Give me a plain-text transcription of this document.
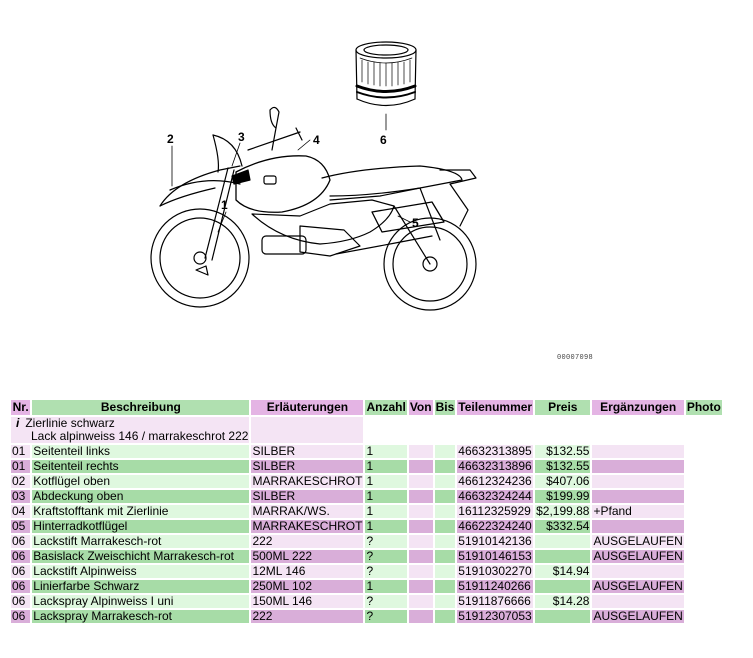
1
2	3	4
5
6
00007098
Nr.	Beschreibung	Erläuterungen	Anzahl	Von	Bis	Teilenummer	Preis	Ergänzungen	Photo

i Zierlinie schwarz
Lack alpinweiss 146 / marrakeschrot 222									

01	Seitenteil links	SILBER	1			46632313895	$132.55		
01	Seitenteil rechts	SILBER	1			46632313896	$132.55		
02	Kotflügel oben	MARRAKESCHROT	1			46612324236	$407.06		
03	Abdeckung oben	SILBER	1			46632324244	$199.99		
04	Kraftstofftank mit Zierlinie	MARRAK/WS.	1			16112325929	$2,199.88	+Pfand	
05	Hinterradkotflügel	MARRAKESCHROT	1			46622324240	$332.54		
06	Lackstift Marrakesch-rot	222	?			51910142136		AUSGELAUFEN	
06	Basislack Zweischicht Marrakesch-rot	500ML 222	?			51910146153		AUSGELAUFEN	
06	Lackstift Alpinweiss	12ML 146	?			51910302270	$14.94		
06	Linierfarbe Schwarz	250ML 102	1			51911240266		AUSGELAUFEN	
06	Lackspray Alpinweiss I uni	150ML 146	?			51911876666	$14.28		
06	Lackspray Marrakesch-rot	222	?			51912307053		AUSGELAUFEN	
